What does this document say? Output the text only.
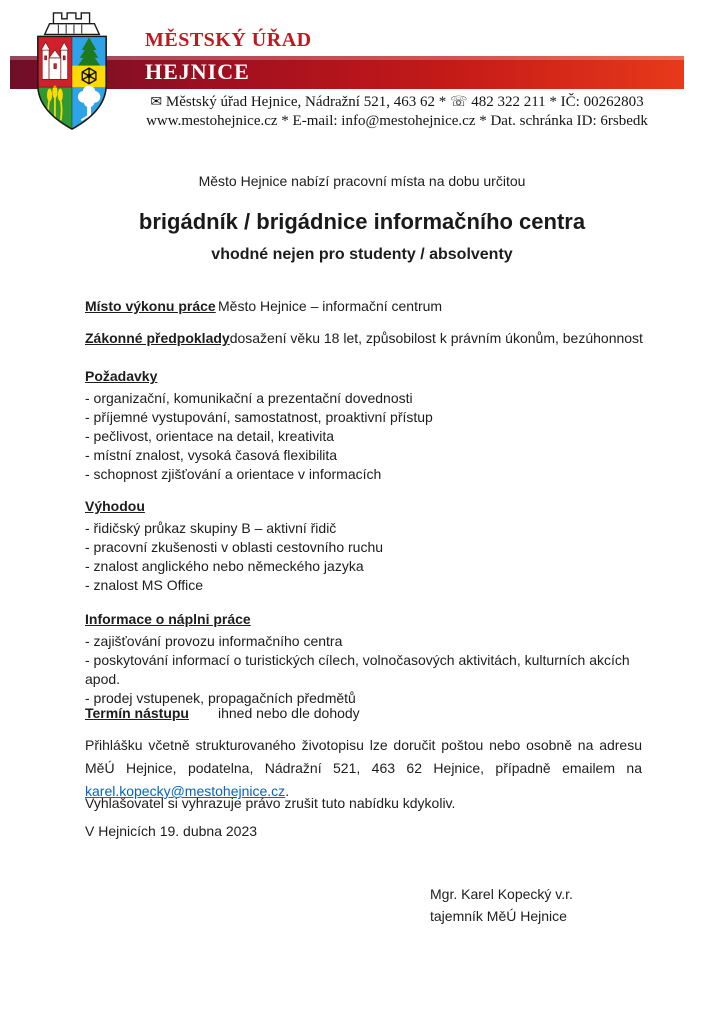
MĚSTSKÝ ÚŘAD
HEJNICE
✉ Městský úřad Hejnice, Nádražní 521, 463 62 * ☏ 482 322 211 * IČ: 00262803
www.mestohejnice.cz * E-mail: info@mestohejnice.cz * Dat. schránka ID: 6rsbedk
Město Hejnice nabízí pracovní místa na dobu určitou
brigádník / brigádnice informačního centra
vhodné nejen pro studenty / absolventy
Místo výkonu práce Město Hejnice – informační centrum
Zákonné předpokladydosažení věku 18 let, způsobilost k právním úkonům, bezúhonnost
Požadavky
- organizační, komunikační a prezentační dovednosti
- příjemné vystupování, samostatnost, proaktivní přístup
- pečlivost, orientace na detail, kreativita
- místní znalost, vysoká časová flexibilita
- schopnost zjišťování a orientace v informacích
Výhodou
- řidičský průkaz skupiny B – aktivní řidič
- pracovní zkušenosti v oblasti cestovního ruchu
- znalost anglického nebo německého jazyka
- znalost MS Office
Informace o náplni práce
- zajišťování provozu informačního centra
- poskytování informací o turistických cílech, volnočasových aktivitách, kulturních akcích apod.
- prodej vstupenek, propagačních předmětů
Termín nástupu ihned nebo dle dohody
Přihlášku včetně strukturovaného životopisu lze doručit poštou nebo osobně na adresu MěÚ Hejnice, podatelna, Nádražní 521, 463 62 Hejnice, případně emailem na karel.kopecky@mestohejnice.cz.
Vyhlašovatel si vyhrazuje právo zrušit tuto nabídku kdykoliv.
V Hejnicích 19. dubna 2023
Mgr. Karel Kopecký v.r.
tajemník MěÚ Hejnice
